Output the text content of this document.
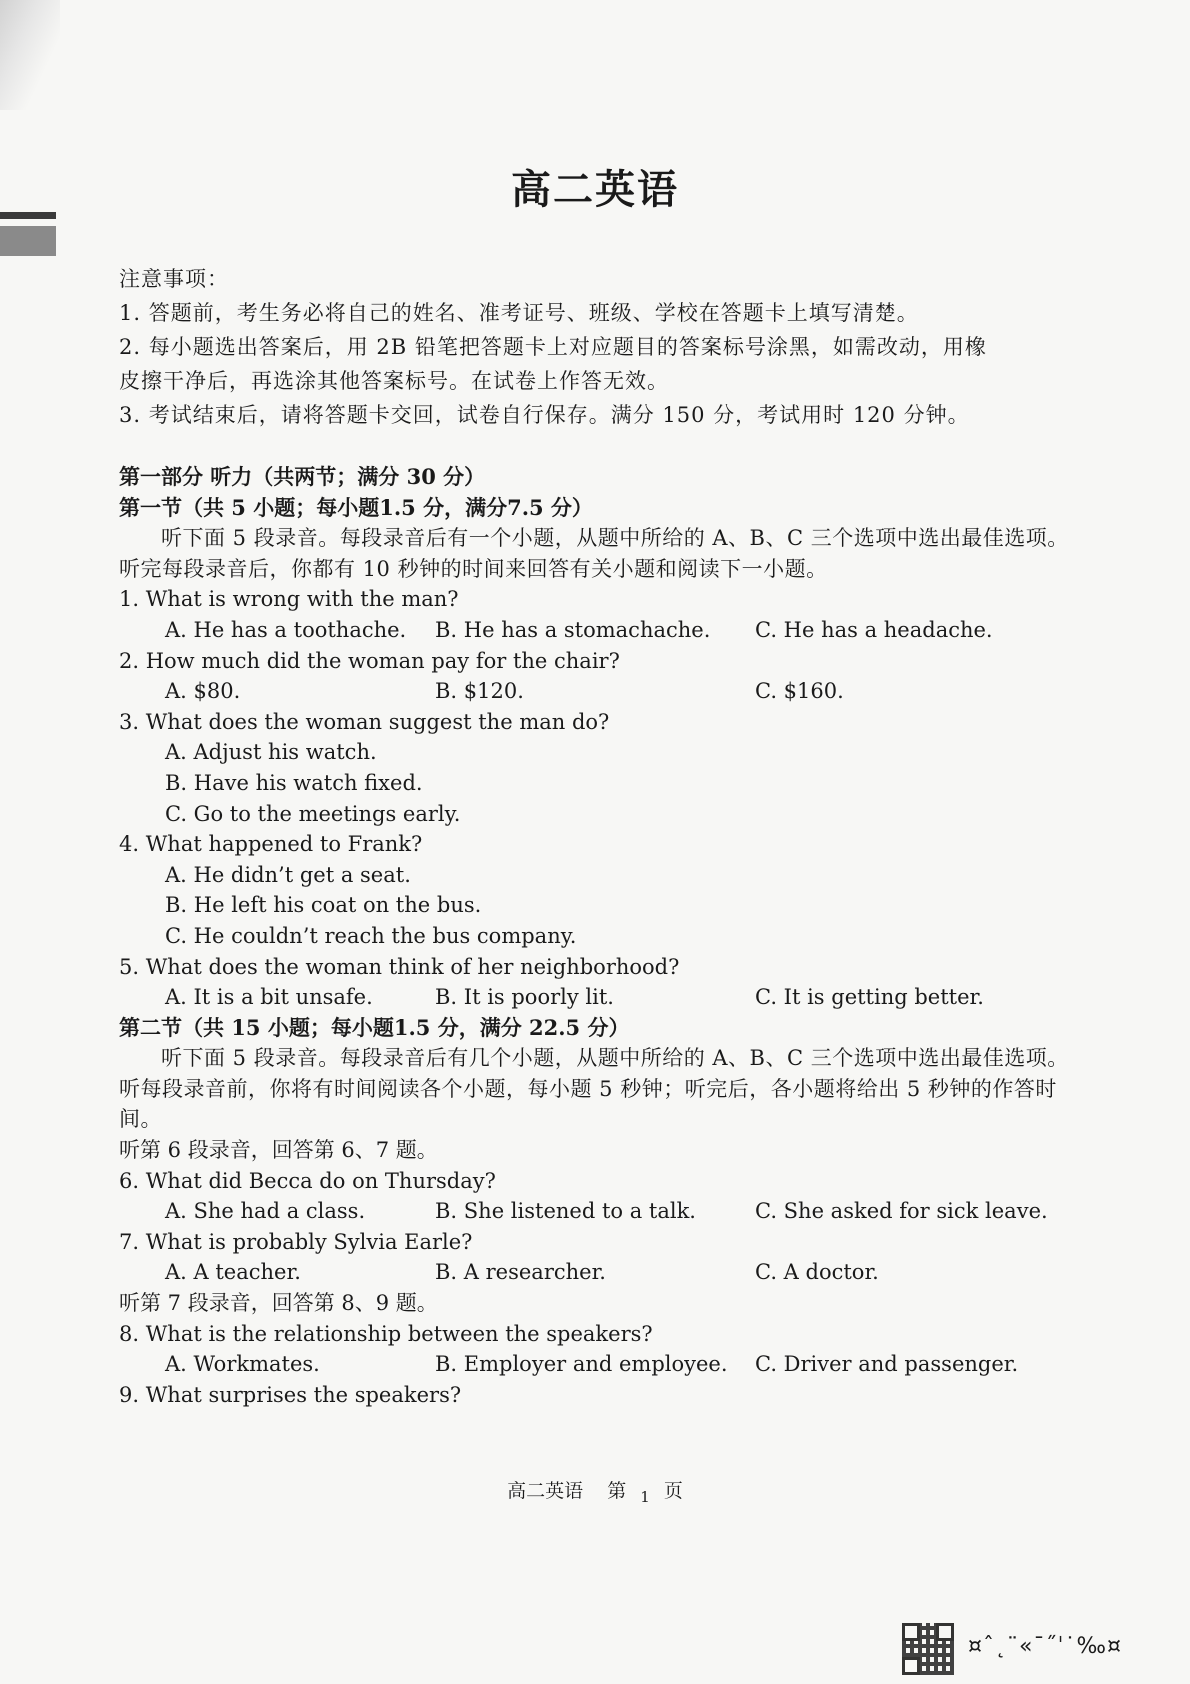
高二英语

注意事项：

1. 答题前，考生务必将自己的姓名、准考证号、班级、学校在答题卡上填写清楚。

2. 每小题选出答案后，用 2B 铅笔把答题卡上对应题目的答案标号涂黑，如需改动，用橡

皮擦干净后，再选涂其他答案标号。在试卷上作答无效。

3. 考试结束后，请将答题卡交回，试卷自行保存。满分 150 分，考试用时 120 分钟。

第一部分 听力（共两节；满分 30 分）

第一节（共 5 小题；每小题1.5 分，满分7.5 分）

听下面 5 段录音。每段录音后有一个小题，从题中所给的 A、B、C 三个选项中选出最佳选项。听完每段录音后，你都有 10 秒钟的时间来回答有关小题和阅读下一小题。

1. What is wrong with the man?

A. He has a toothache.	B. He has a stomachache.	C. He has a headache.

2. How much did the woman pay for the chair?

A. $80.	B. $120.	C. $160.

3. What does the woman suggest the man do?

A. Adjust his watch.

B. Have his watch fixed.

C. Go to the meetings early.

4. What happened to Frank?

A. He didn’t get a seat.

B. He left his coat on the bus.

C. He couldn’t reach the bus company.

5. What does the woman think of her neighborhood?

A. It is a bit unsafe.	B. It is poorly lit.	C. It is getting better.

第二节（共 15 小题；每小题1.5 分，满分 22.5 分）

听下面 5 段录音。每段录音后有几个小题，从题中所给的 A、B、C 三个选项中选出最佳选项。听每段录音前，你将有时间阅读各个小题，每小题 5 秒钟；听完后，各小题将给出 5 秒钟的作答时间。

听第 6 段录音，回答第 6、7 题。

6. What did Becca do on Thursday?

A. She had a class.	B. She listened to a talk.	C. She asked for sick leave.

7. What is probably Sylvia Earle?

A. A teacher.	B. A researcher.	C. A doctor.

听第 7 段录音，回答第 8、9 题。

8. What is the relationship between the speakers?

A. Workmates.	B. Employer and employee.	C. Driver and passenger.

9. What surprises the speakers?

高二英语 第 $_1$ 页
¤ˆ˛¨«ˉ˝ˈ˙‰¤
